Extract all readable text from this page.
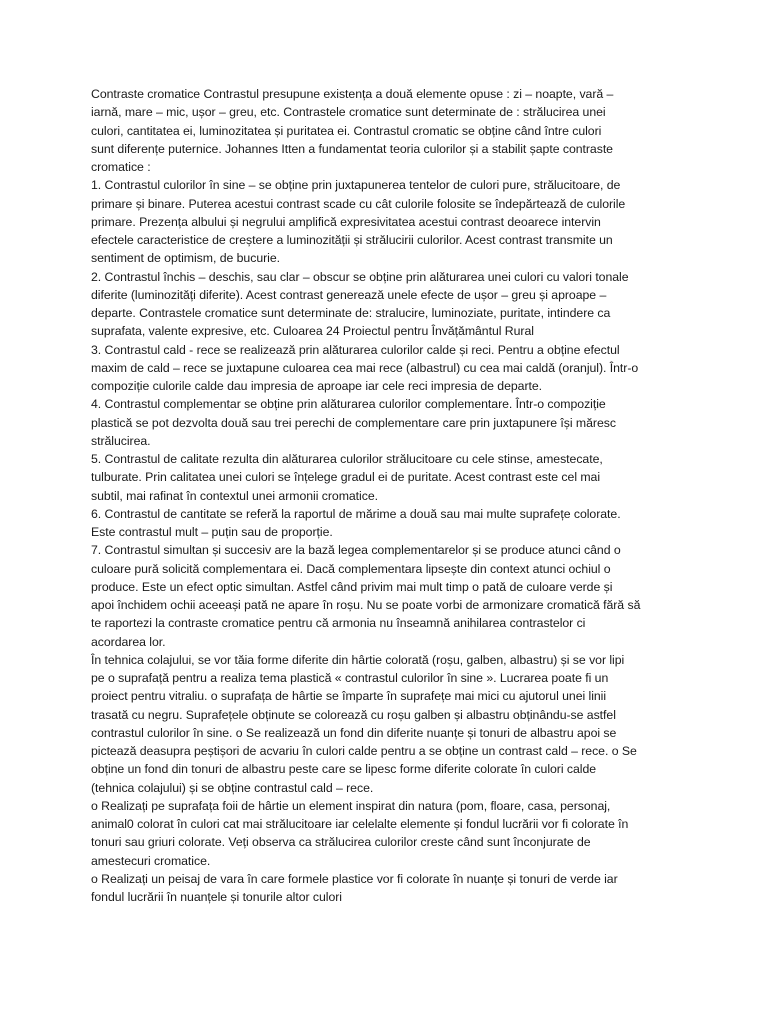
Contraste cromatice Contrastul presupune existența a două elemente opuse : zi – noapte, vară –
iarnă, mare – mic, ușor – greu, etc. Contrastele cromatice sunt determinate de : strălucirea unei
culori, cantitatea ei, luminozitatea și puritatea ei. Contrastul cromatic se obține când între culori
sunt diferențe puternice. Johannes Itten a fundamentat teoria culorilor și a stabilit șapte contraste
cromatice :
1. Contrastul culorilor în sine – se obține prin juxtapunerea tentelor de culori pure, strălucitoare, de
primare și binare. Puterea acestui contrast scade cu cât culorile folosite se îndepărtează de culorile
primare. Prezența albului și negrului amplifică expresivitatea acestui contrast deoarece intervin
efectele caracteristice de creștere a luminozității și strălucirii culorilor. Acest contrast transmite un
sentiment de optimism, de bucurie.
2. Contrastul închis – deschis, sau clar – obscur se obține prin alăturarea unei culori cu valori tonale
diferite (luminozități diferite). Acest contrast generează unele efecte de ușor – greu și aproape –
departe. Contrastele cromatice sunt determinate de: stralucire, luminoziate, puritate, intindere ca
suprafata, valente expresive, etc. Culoarea 24 Proiectul pentru Învățământul Rural
3. Contrastul cald - rece se realizează prin alăturarea culorilor calde și reci. Pentru a obține efectul
maxim de cald – rece se juxtapune culoarea cea mai rece (albastrul) cu cea mai caldă (oranjul). Într-o
compoziție culorile calde dau impresia de aproape iar cele reci impresia de departe.
4. Contrastul complementar se obține prin alăturarea culorilor complementare. Într-o compoziție
plastică se pot dezvolta două sau trei perechi de complementare care prin juxtapunere își măresc
strălucirea.
5. Contrastul de calitate rezulta din alăturarea culorilor strălucitoare cu cele stinse, amestecate,
tulburate. Prin calitatea unei culori se înțelege gradul ei de puritate. Acest contrast este cel mai
subtil, mai rafinat în contextul unei armonii cromatice.
6. Contrastul de cantitate se referă la raportul de mărime a două sau mai multe suprafețe colorate.
Este contrastul mult – puțin sau de proporție.
7. Contrastul simultan și succesiv are la bază legea complementarelor și se produce atunci când o
culoare pură solicită complementara ei. Dacă complementara lipsește din context atunci ochiul o
produce. Este un efect optic simultan. Astfel când privim mai mult timp o pată de culoare verde și
apoi închidem ochii aceeași pată ne apare în roșu. Nu se poate vorbi de armonizare cromatică fără să
te raportezi la contraste cromatice pentru că armonia nu înseamnă anihilarea contrastelor ci
acordarea lor.
În tehnica colajului, se vor tăia forme diferite din hârtie colorată (roșu, galben, albastru) și se vor lipi
pe o suprafață pentru a realiza tema plastică « contrastul culorilor în sine ». Lucrarea poate fi un
proiect pentru vitraliu. o suprafața de hârtie se împarte în suprafețe mai mici cu ajutorul unei linii
trasată cu negru. Suprafețele obținute se colorează cu roșu galben și albastru obținându-se astfel
contrastul culorilor în sine. o Se realizează un fond din diferite nuanțe și tonuri de albastru apoi se
pictează deasupra peștișori de acvariu în culori calde pentru a se obține un contrast cald – rece. o Se
obține un fond din tonuri de albastru peste care se lipesc forme diferite colorate în culori calde
(tehnica colajului) și se obține contrastul cald – rece.
o Realizați pe suprafața foii de hârtie un element inspirat din natura (pom, floare, casa, personaj,
animal0 colorat în culori cat mai strălucitoare iar celelalte elemente și fondul lucrării vor fi colorate în
tonuri sau griuri colorate. Veți observa ca strălucirea culorilor creste când sunt înconjurate de
amestecuri cromatice.
o Realizați un peisaj de vara în care formele plastice vor fi colorate în nuanțe și tonuri de verde iar
fondul lucrării în nuanțele și tonurile altor culori
